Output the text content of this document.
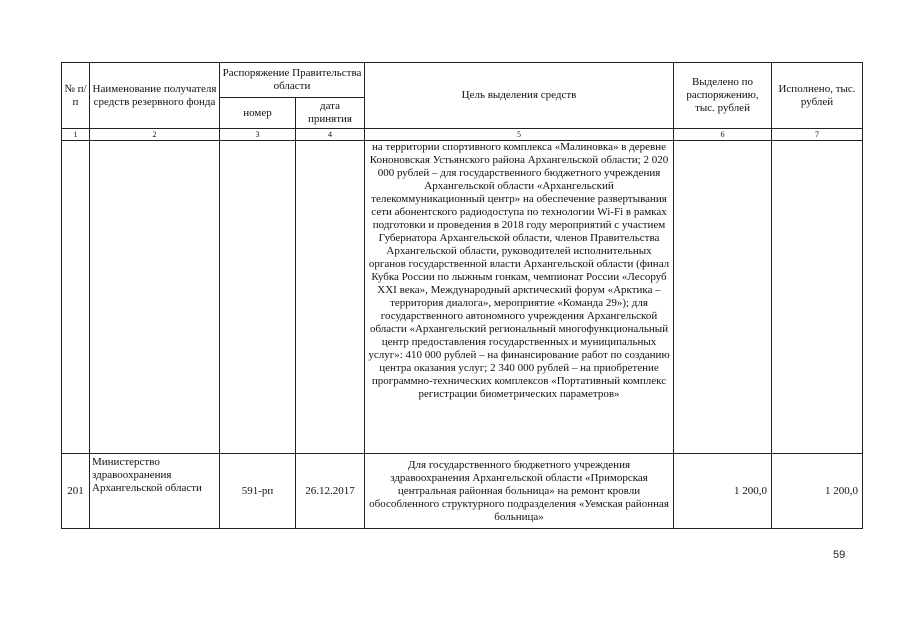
№ п/п	Наименование получателя средств резервного фонда	Распоряжение Правительства области		Цель выделения средств	Выделено по распоряжению, тыс. рублей	Исполнено, тыс. рублей
		номер	дата принятия			
1	2	3	4	5	6	7
				на территории спортивного комплекса «Малиновка» в деревне Кононовская Устьянского района Архангельской области; 2 020 000 рублей – для государственного бюджетного учреждения Архангельской области «Архангельский телекоммуникационный центр» на обеспечение развертывания сети абонентского радиодоступа по технологии Wi-Fi в рамках подготовки и проведения в 2018 году мероприятий с участием Губернатора Архангельской области, членов Правительства Архангельской области, руководителей исполнительных органов государственной власти Архангельской области (финал Кубка России по лыжным гонкам, чемпионат России «Лесоруб XXI века», Международный арктический форум «Арктика – территория диалога», мероприятие «Команда 29»); для государственного автономного учреждения Архангельской области «Архангельский региональный многофункциональный центр предоставления государственных и муниципальных услуг»: 410 000 рублей – на финансирование работ по созданию центра оказания услуг; 2 340 000 рублей – на приобретение программно-технических комплексов «Портативный комплекс регистрации биометрических параметров»		
201	Министерство здравоохранения Архангельской области	591-рп	26.12.2017	Для государственного бюджетного учреждения здравоохранения Архангельской области «Приморская центральная районная больница» на ремонт кровли обособленного структурного подразделения «Уемская районная больница»	1 200,0	1 200,0
59
